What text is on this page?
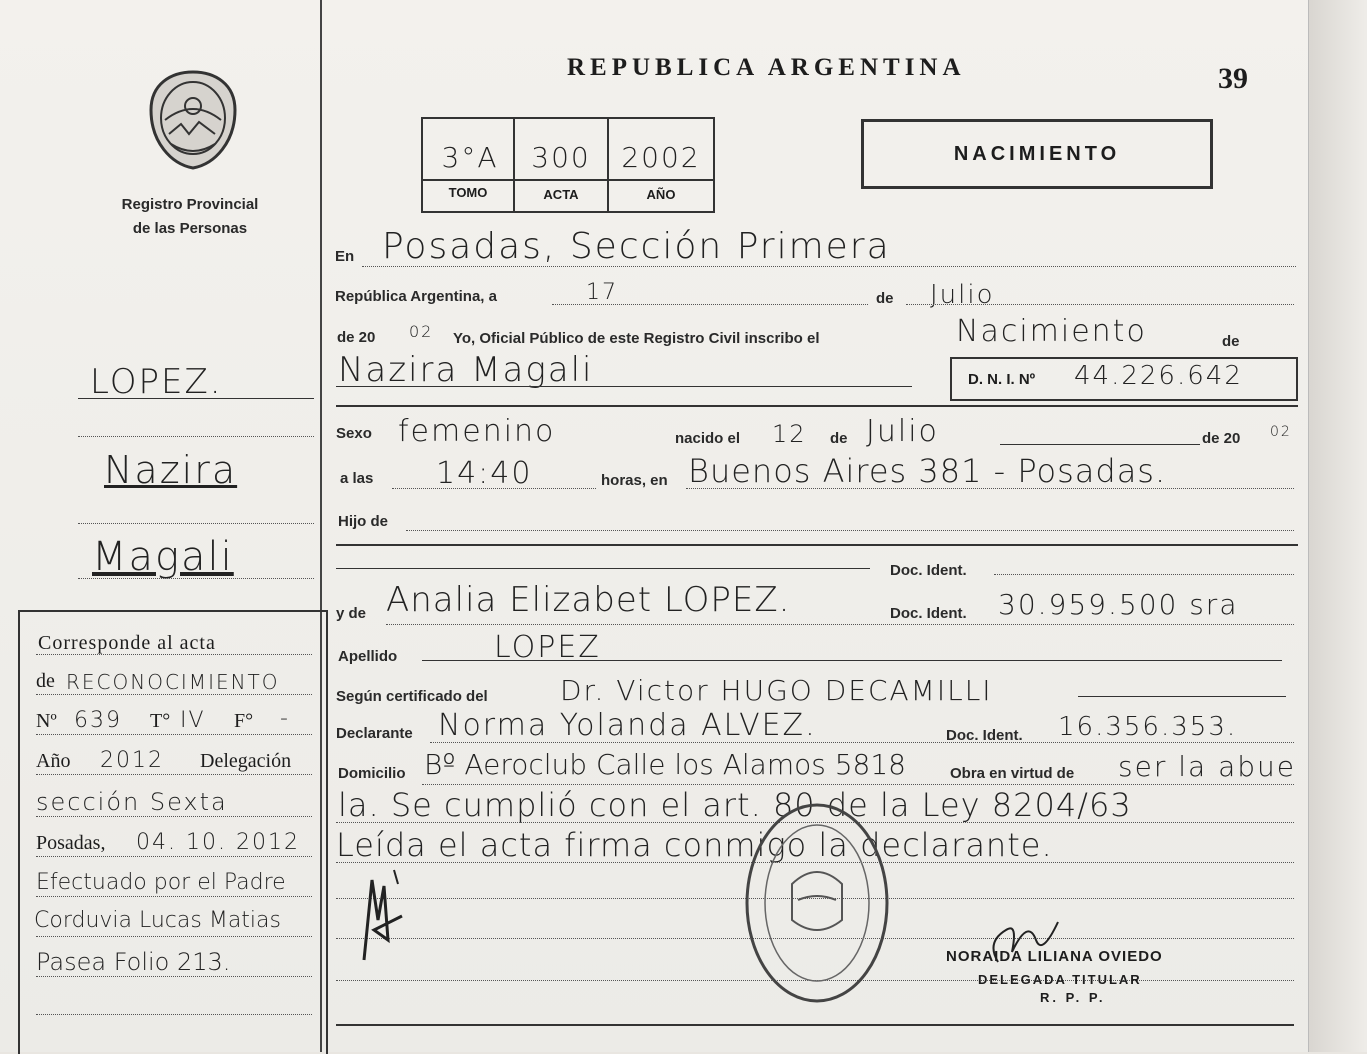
Registro Provincial
de las Personas
REPUBLICA ARGENTINA	39
3°A	300	2002
TOMO	ACTA	AÑO
NACIMIENTO
LOPEZ.
Nazira
Magali
Corresponde al acta
de RECONOCIMIENTO
Nº 639 T° IV F° -
Año 2012 Delegación
sección Sexta
Posadas, 04. 10. 2012
Efectuado por el Padre
Corduvia Lucas Matias
Pasea Folio 213.
En Posadas, Sección Primera
República Argentina, a	17	de Julio
de 20 02 Yo, Oficial Público de este Registro Civil inscribo el	Nacimiento	de
Nazira Magali	D. N. I. Nº 44.226.642
Sexo femenino	nacido el 12 de Julio	de 20 02
a las 14:40	horas, en Buenos Aires 381 - Posadas.
Hijo de
Doc. Ident.
y de Analia Elizabet LOPEZ.	Doc. Ident. 30.959.500 sra
Apellido	LOPEZ
Según certificado del	Dr. Victor HUGO DECAMILLI
Declarante Norma Yolanda ALVEZ.	Doc. Ident. 16.356.353.
Domicilio Bº Aeroclub Calle los Alamos 5818	Obra en virtud de ser la abue
la. Se cumplió con el art. 80 de la Ley 8204/63
Leída el acta firma conmigo la declarante.
NORAIDA LILIANA OVIEDO
DELEGADA TITULAR
R. P. P.
